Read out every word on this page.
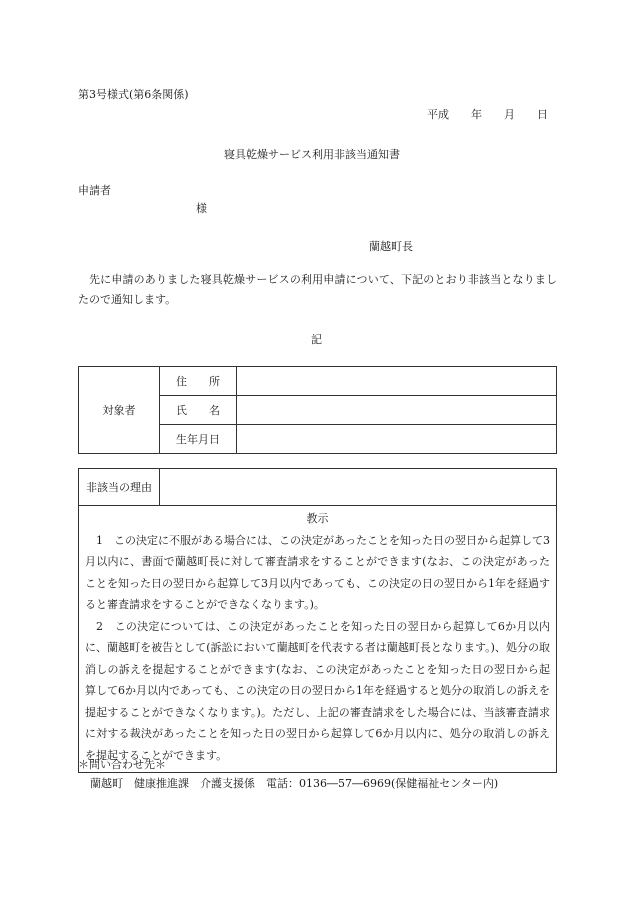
第3号様式(第6条関係)
平成　　年　　月　　日
寝具乾燥サービス利用非該当通知書
申請者
様
蘭越町長
先に申請のありました寝具乾燥サービスの利用申請について、下記のとおり非該当となりましたので通知します。
記
対象者	住　　所	
	氏　　名	
	生年月日	
非該当の理由	

教示

1　この決定に不服がある場合には、この決定があったことを知った日の翌日から起算して3月以内に、書面で蘭越町長に対して審査請求をすることができます(なお、この決定があったことを知った日の翌日から起算して3月以内であっても、この決定の日の翌日から1年を経過すると審査請求をすることができなくなります。)。

2　この決定については、この決定があったことを知った日の翌日から起算して6か月以内に、蘭越町を被告として(訴訟において蘭越町を代表する者は蘭越町長となります。)、処分の取消しの訴えを提起することができます(なお、この決定があったことを知った日の翌日から起算して6か月以内であっても、この決定の日の翌日から1年を経過すると処分の取消しの訴えを提起することができなくなります。)。ただし、上記の審査請求をした場合には、当該審査請求に対する裁決があったことを知った日の翌日から起算して6か月以内に、処分の取消しの訴えを提起することができます。

＊問い合わせ先＊
蘭越町　健康推進課　介護支援係　電話：0136―57―6969(保健福祉センター内)
